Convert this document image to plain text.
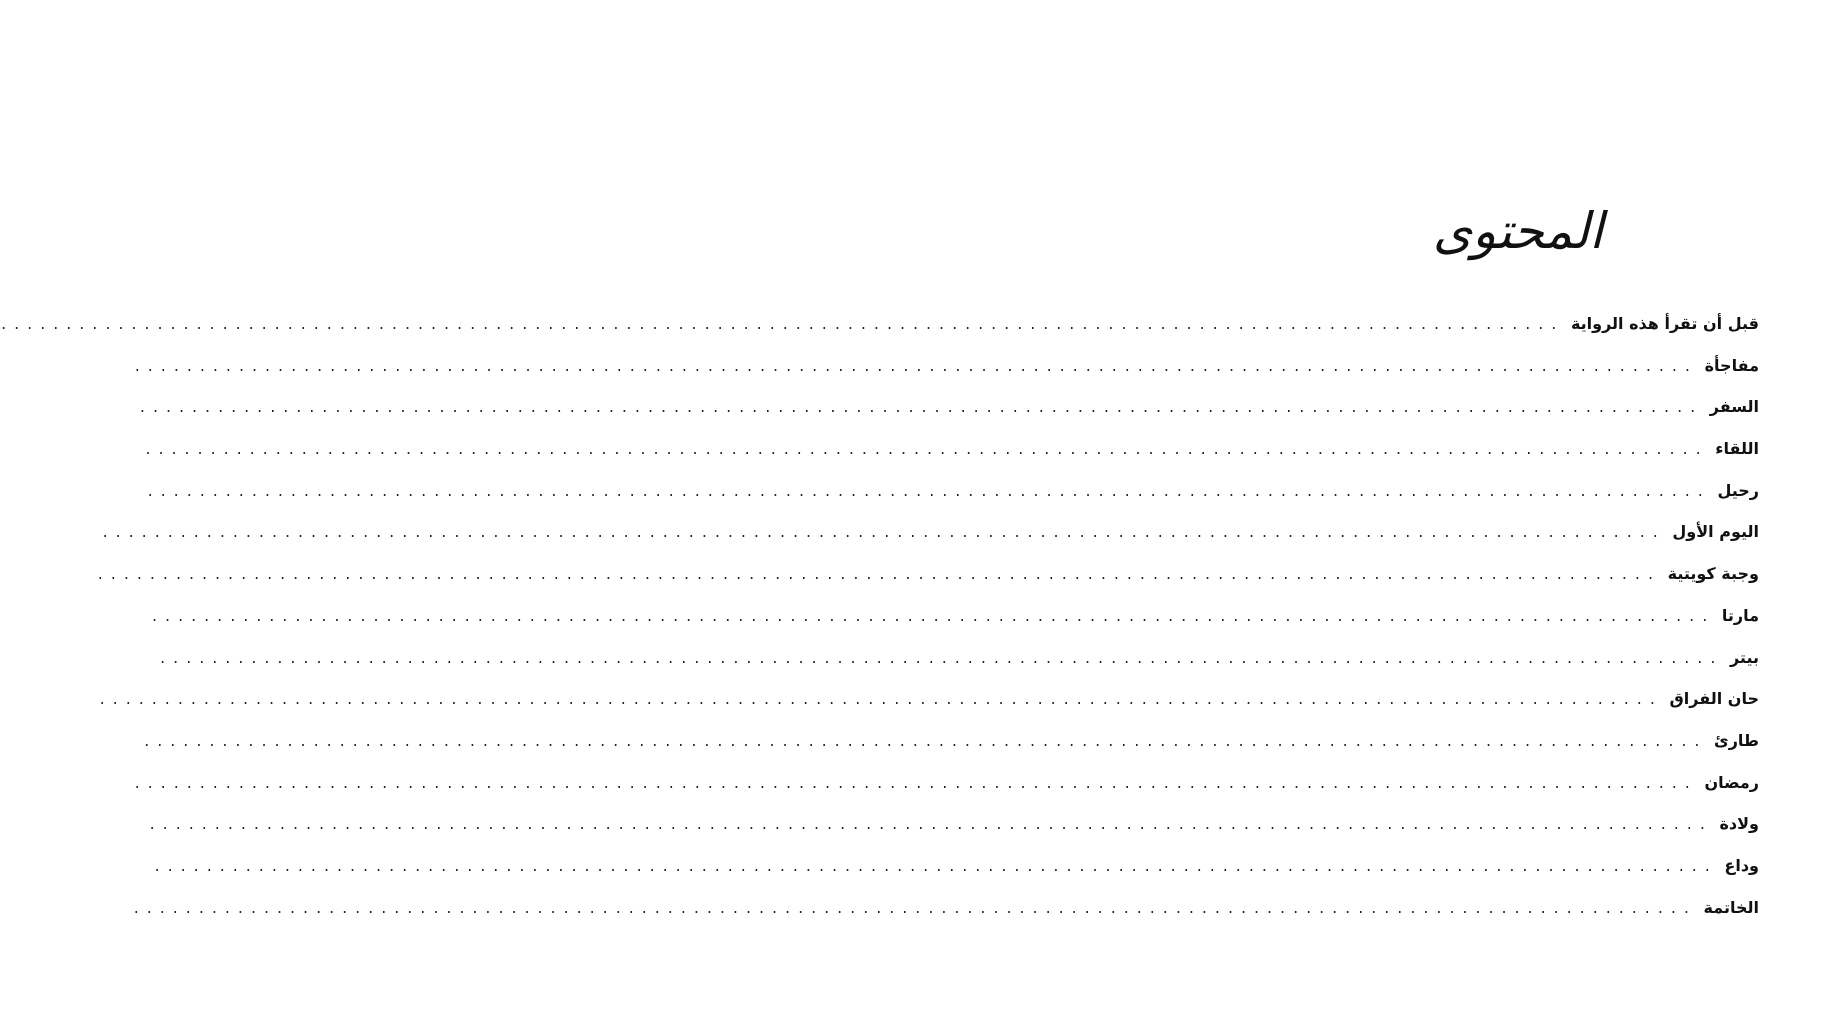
المحتوى
قبل أن تقرأ هذه الرواية
........................................................................................................................
مفاجأة
........................................................................................................................
السفر
........................................................................................................................
اللقاء
........................................................................................................................
رحيل
........................................................................................................................
اليوم الأول
........................................................................................................................
وجبة كويتية
........................................................................................................................
مارتا
........................................................................................................................
بيتر
........................................................................................................................
حان الفراق
........................................................................................................................
طارئ
........................................................................................................................
رمضان
........................................................................................................................
ولادة
........................................................................................................................
وداع
........................................................................................................................
الخاتمة
........................................................................................................................
